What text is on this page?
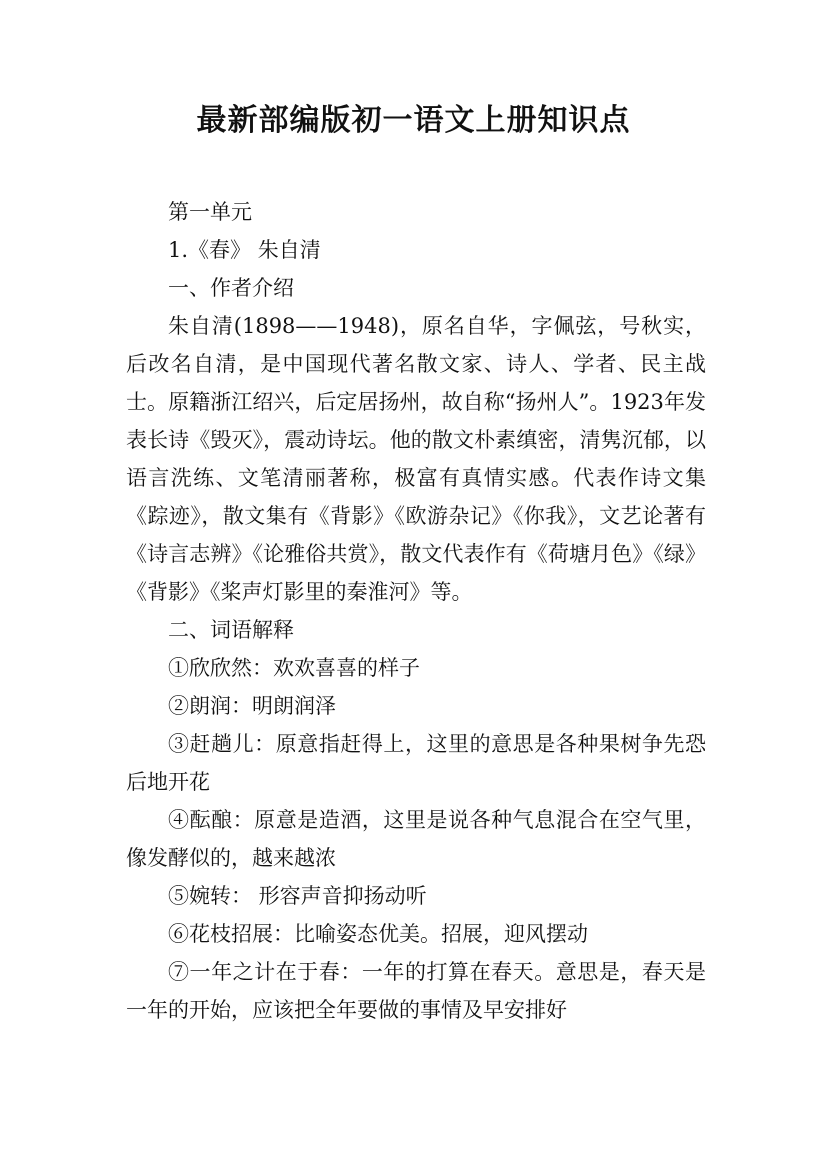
最新部编版初一语文上册知识点

第一单元

1.《春》 朱自清

一、作者介绍

朱自清(1898——1948)，原名自华，字佩弦，号秋实，后改名自清，是中国现代著名散文家、诗人、学者、民主战士。原籍浙江绍兴，后定居扬州，故自称“扬州人”。1923年发表长诗《毁灭》，震动诗坛。他的散文朴素缜密，清隽沉郁，以语言洗练、文笔清丽著称，极富有真情实感。代表作诗文集《踪迹》，散文集有《背影》《欧游杂记》《你我》，文艺论著有《诗言志辨》《论雅俗共赏》，散文代表作有《荷塘月色》《绿》《背影》《桨声灯影里的秦淮河》等。

二、词语解释

①欣欣然：欢欢喜喜的样子

②朗润：明朗润泽

③赶趟儿：原意指赶得上，这里的意思是各种果树争先恐后地开花

④酝酿：原意是造酒，这里是说各种气息混合在空气里，像发酵似的，越来越浓

⑤婉转： 形容声音抑扬动听

⑥花枝招展：比喻姿态优美。招展，迎风摆动

⑦一年之计在于春：一年的打算在春天。意思是，春天是一年的开始，应该把全年要做的事情及早安排好
